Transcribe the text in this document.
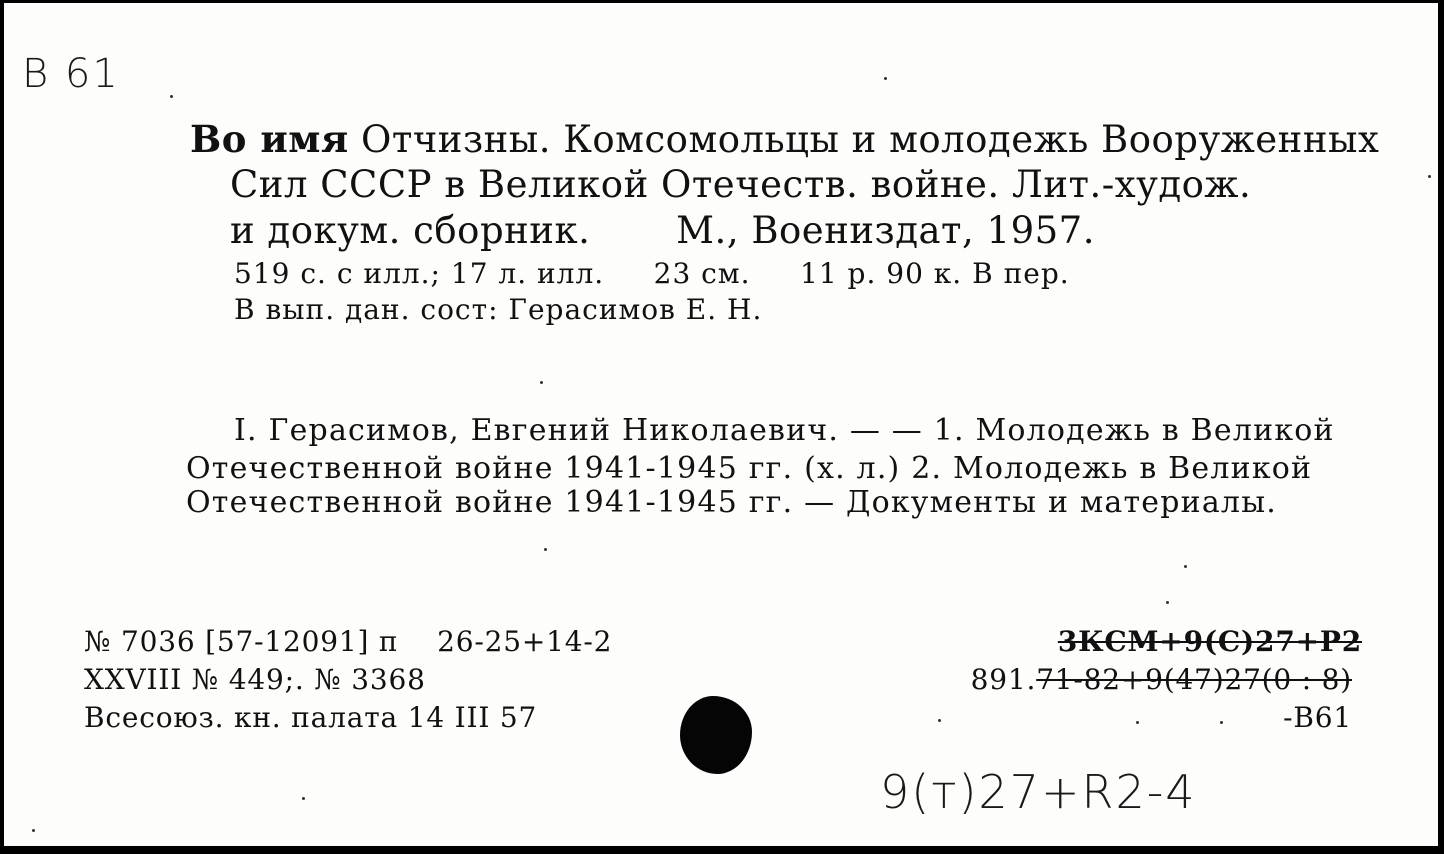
В 61
Во имя Отчизны. Комсомольцы и молодежь Вооруженных
Сил СССР в Великой Отечеств. войне. Лит.-худож.
и докум. сборник.       М., Воениздат, 1957.
519 с. с илл.; 17 л. илл.     23 см.     11 р. 90 к. В пер.
В вып. дан. сост: Герасимов Е. Н.
I. Герасимов, Евгений Николаевич. — — 1. Молодежь в Великой
Отечественной войне 1941-1945 гг. (х. л.) 2. Молодежь в Великой
Отечественной войне 1941-1945 гг. — Документы и материалы.
№ 7036 [57-12091] п    26-25+14-2
XXVIII № 449;. № 3368
Всесоюз. кн. палата 14 III 57
3КСМ+9(С)27+Р2
891.71-82+9(47)27(0 : 8)
-В61
9(т)27+R2-4
